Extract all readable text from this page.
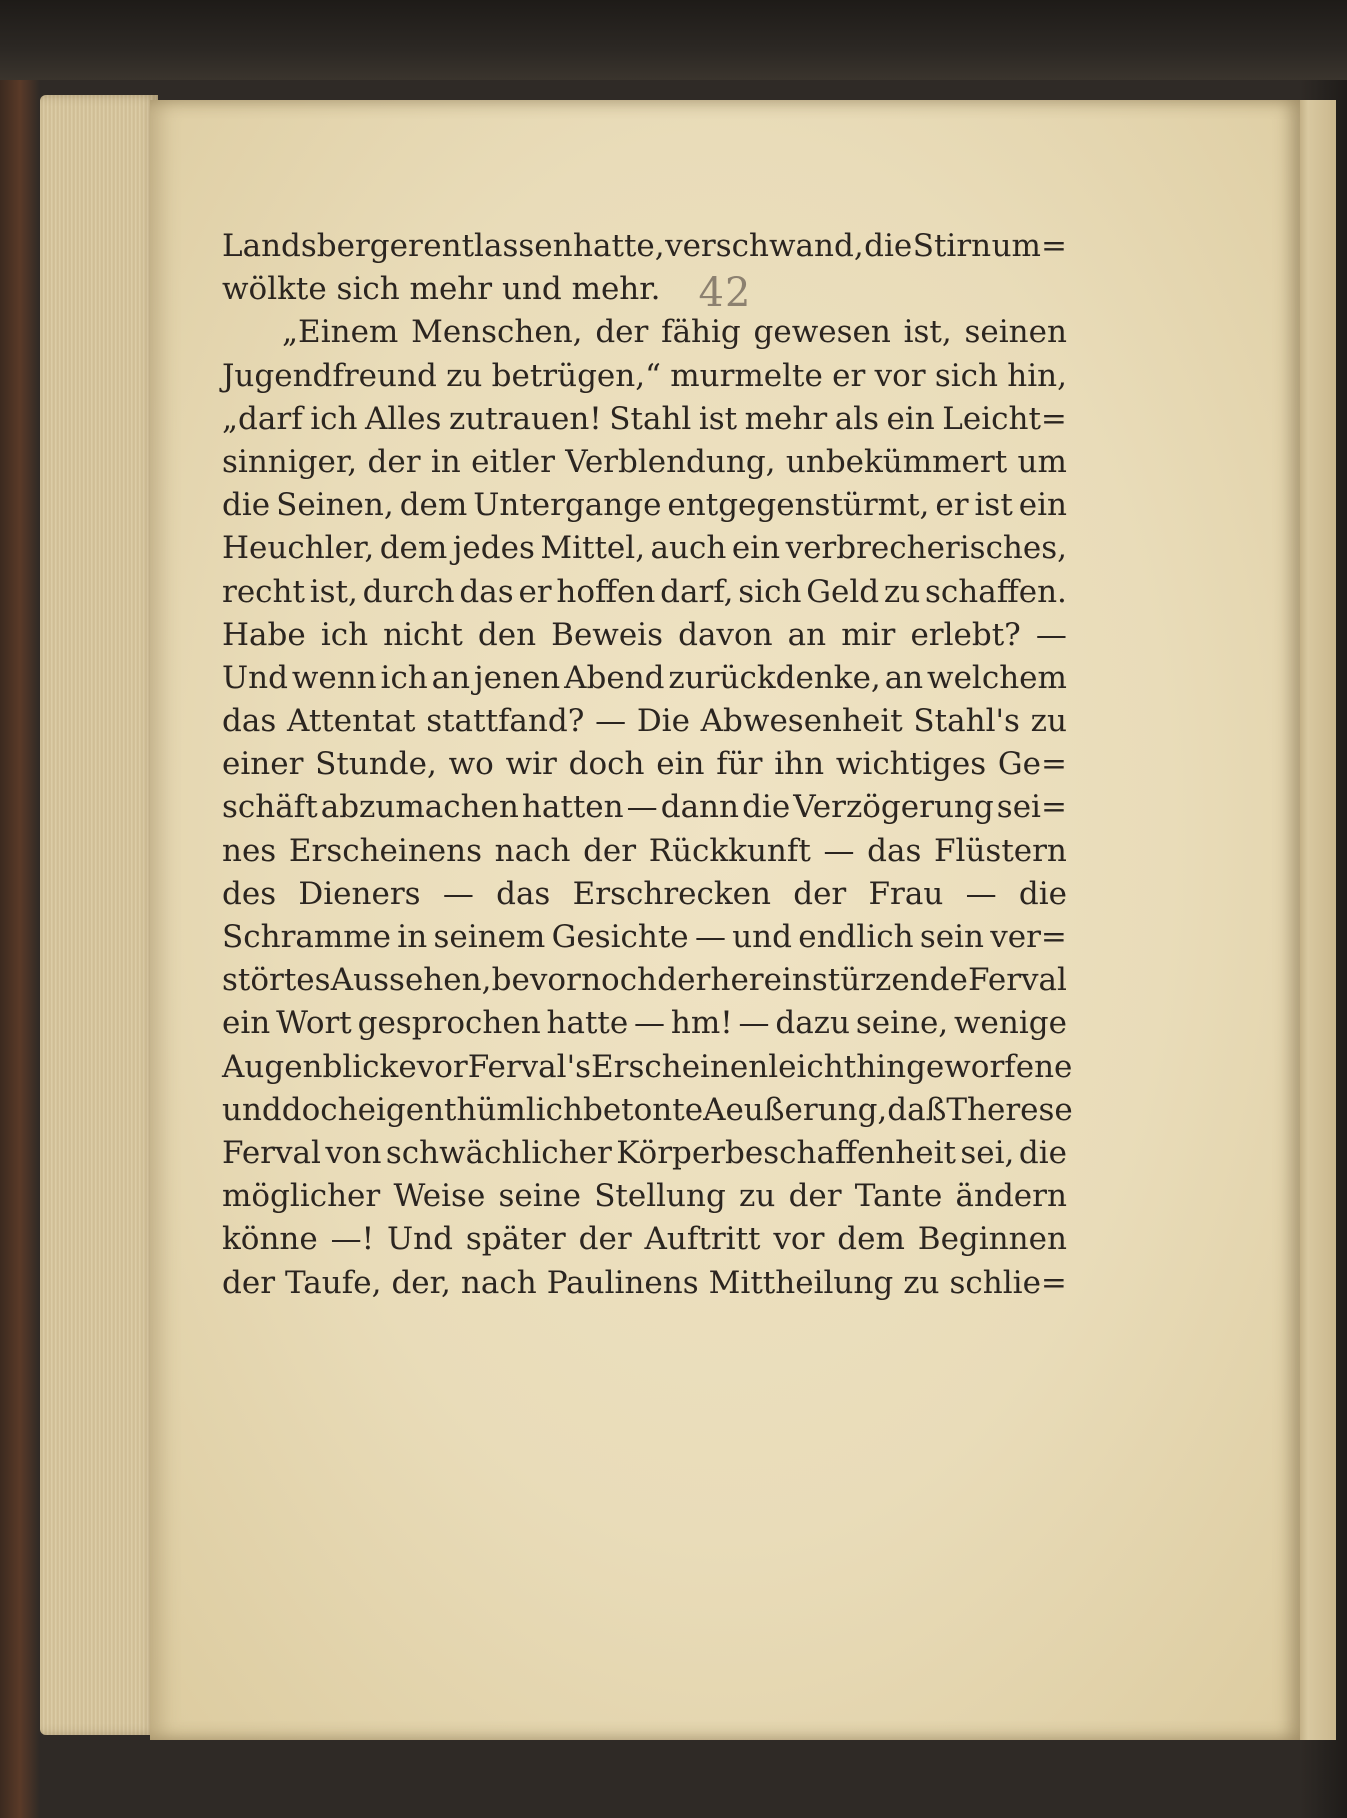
42
Landsberger entlassen hatte, verschwand, die Stirn um=
wölkte sich mehr und mehr.
„Einem Menschen, der fähig gewesen ist, seinen
Jugendfreund zu betrügen,“ murmelte er vor sich hin,
„darf ich Alles zutrauen! Stahl ist mehr als ein Leicht=
sinniger, der in eitler Verblendung, unbekümmert um
die Seinen, dem Untergange entgegenstürmt, er ist ein
Heuchler, dem jedes Mittel, auch ein verbrecherisches,
recht ist, durch das er hoffen darf, sich Geld zu schaffen.
Habe ich nicht den Beweis davon an mir erlebt? —
Und wenn ich an jenen Abend zurückdenke, an welchem
das Attentat stattfand? — Die Abwesenheit Stahl's zu
einer Stunde, wo wir doch ein für ihn wichtiges Ge=
schäft abzumachen hatten — dann die Verzögerung sei=
nes Erscheinens nach der Rückkunft — das Flüstern
des Dieners — das Erschrecken der Frau — die
Schramme in seinem Gesichte — und endlich sein ver=
störtes Aussehen, bevor noch der hereinstürzende Ferval
ein Wort gesprochen hatte — hm! — dazu seine, wenige
Augenblicke vor Ferval's Erscheinen leicht hingeworfene
und doch eigenthümlich betonte Aeußerung, daß Therese
Ferval von schwächlicher Körperbeschaffenheit sei, die
möglicher Weise seine Stellung zu der Tante ändern
könne —! Und später der Auftritt vor dem Beginnen
der Taufe, der, nach Paulinens Mittheilung zu schlie=
